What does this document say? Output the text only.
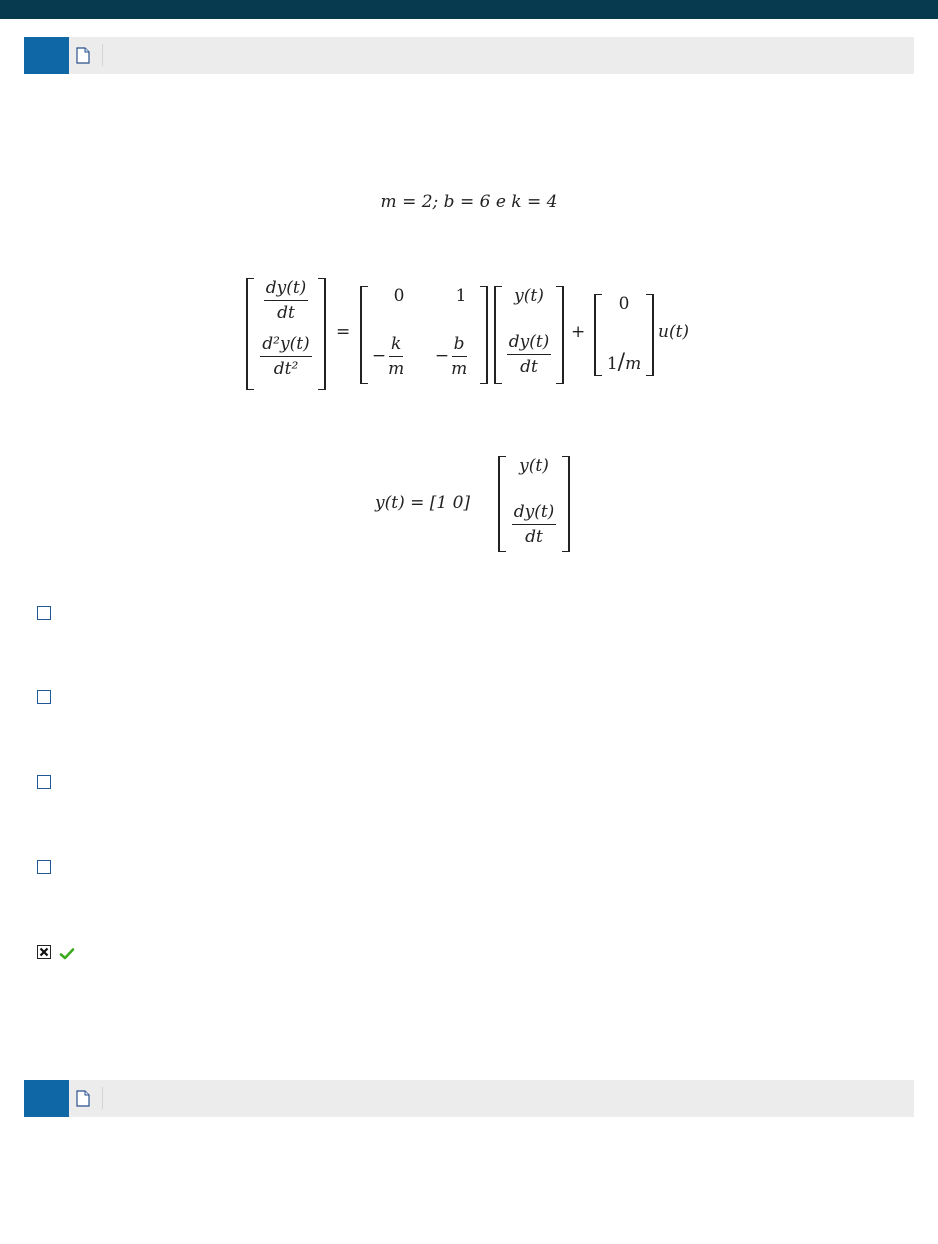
m = 2; b = 6 e k = 4
$\frac{dy(t)}{dt}$
$\frac{\text{d²y(t)}}{\text{dt²}}$
=
0	1
− $\frac{k}{m}$	− $\frac{b}{m}$
y(t)
$\frac{dy(t)}{dt}$ +
0
1/m
u(t)
y(t) = [1 0]
y(t)
$\frac{dy(t)}{dt}$
